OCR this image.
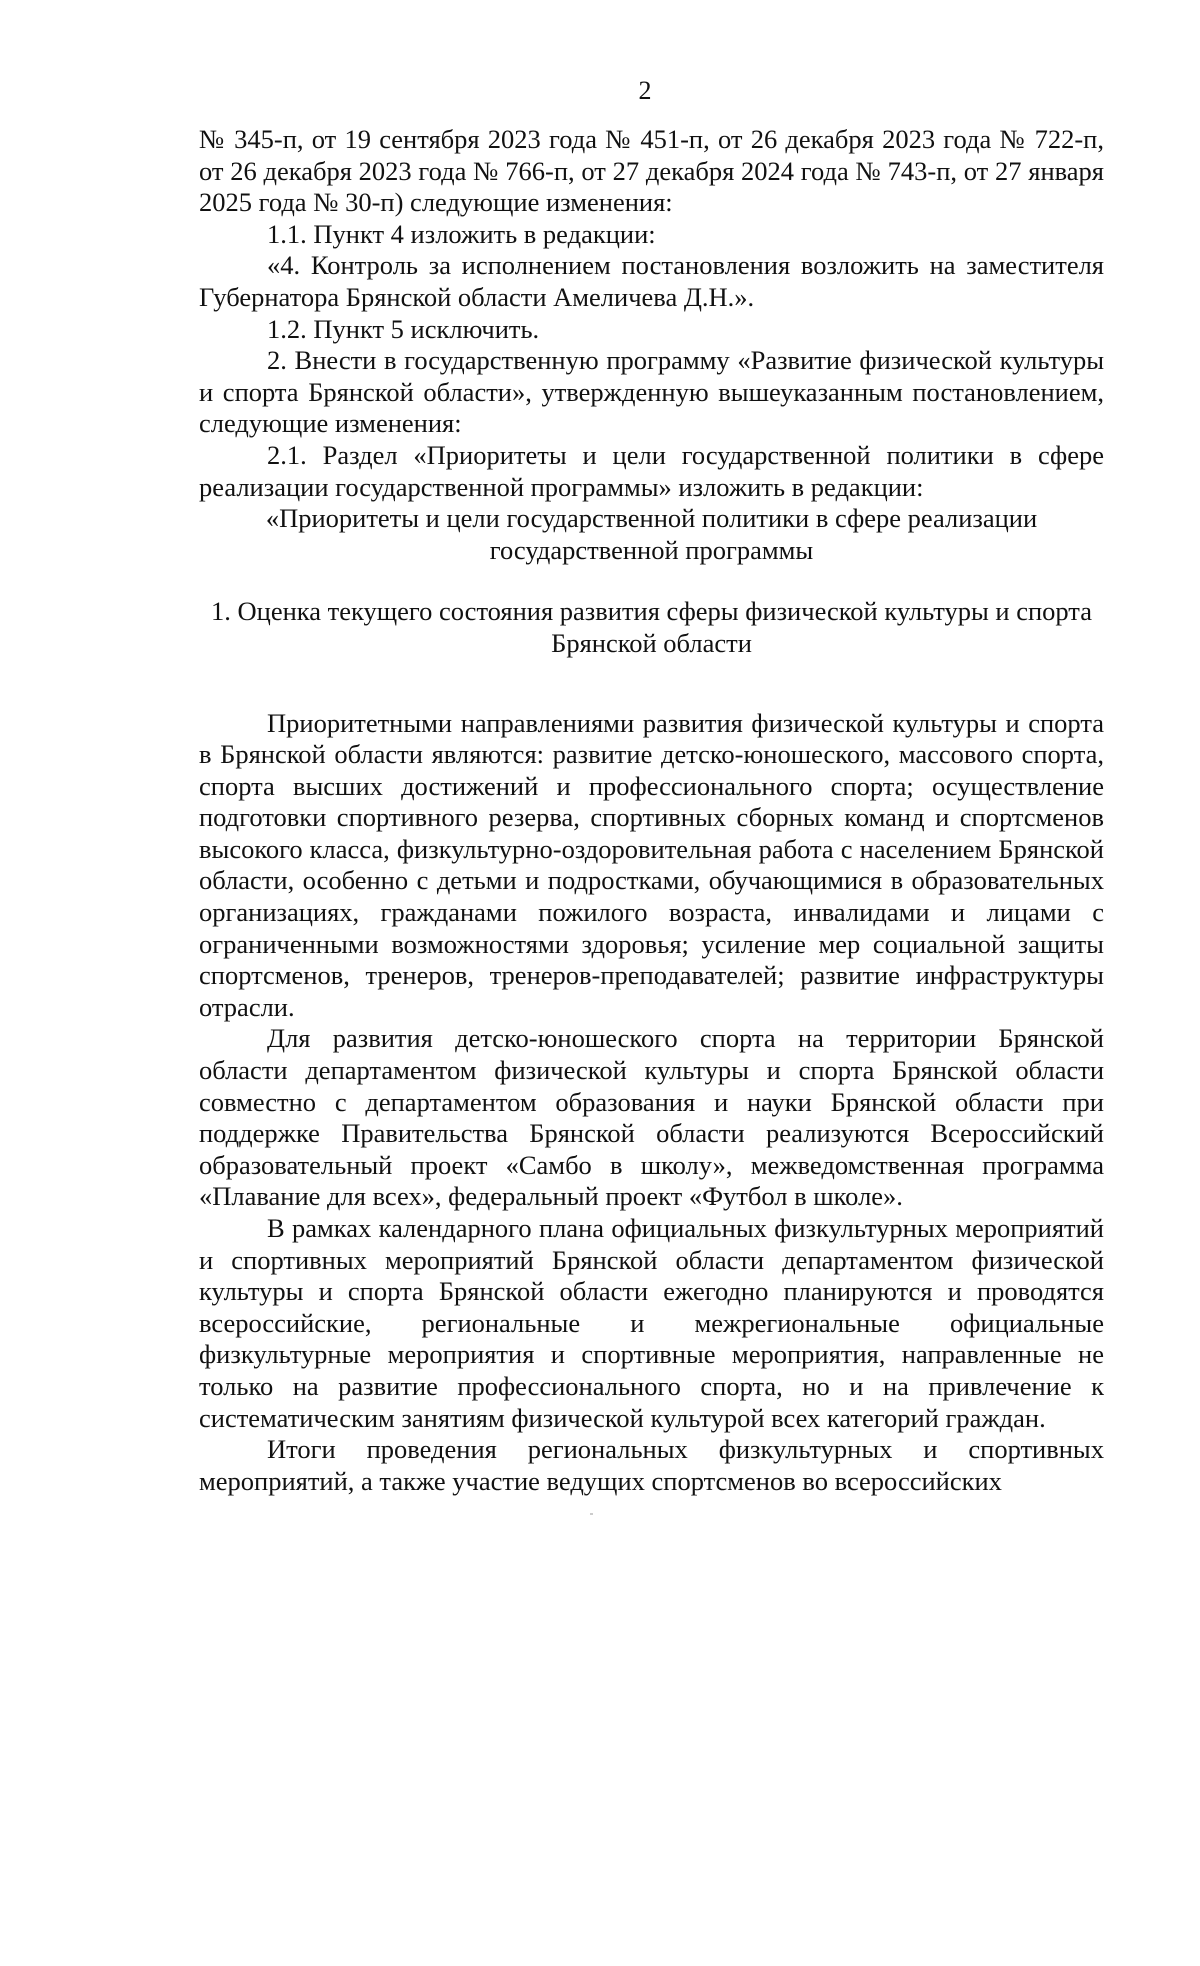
2

№ 345-п, от 19 сентября 2023 года № 451-п, от 26 декабря 2023 года № 722-п, от 26 декабря 2023 года № 766-п, от 27 декабря 2024 года № 743-п, от 27 января 2025 года № 30-п) следующие изменения:

1.1. Пункт 4 изложить в редакции:

«4. Контроль за исполнением постановления возложить на заместителя Губернатора Брянской области Амеличева Д.Н.».

1.2. Пункт 5 исключить.

2. Внести в государственную программу «Развитие физической культуры и спорта Брянской области», утвержденную вышеуказанным постановлением, следующие изменения:

2.1. Раздел «Приоритеты и цели государственной политики в сфере реализации государственной программы» изложить в редакции:

«Приоритеты и цели государственной политики в сфере реализации государственной программы

1. Оценка текущего состояния развития сферы физической культуры и спорта Брянской области

Приоритетными направлениями развития физической культуры и спорта в Брянской области являются: развитие детско-юношеского, массового спорта, спорта высших достижений и профессионального спорта; осуществление подготовки спортивного резерва, спортивных сборных команд и спортсменов высокого класса, физкультурно-оздоровительная работа с населением Брянской области, особенно с детьми и подростками, обучающимися в образовательных организациях, гражданами пожилого возраста, инвалидами и лицами с ограниченными возможностями здоровья; усиление мер социальной защиты спортсменов, тренеров, тренеров-преподавателей; развитие инфраструктуры отрасли.

Для развития детско-юношеского спорта на территории Брянской области департаментом физической культуры и спорта Брянской области совместно с департаментом образования и науки Брянской области при поддержке Правительства Брянской области реализуются Всероссийский образовательный проект «Самбо в школу», межведомственная программа «Плавание для всех», федеральный проект «Футбол в школе».

В рамках календарного плана официальных физкультурных мероприятий и спортивных мероприятий Брянской области департаментом физической культуры и спорта Брянской области ежегодно планируются и проводятся всероссийские, региональные и межрегиональные официальные физкультурные мероприятия и спортивные мероприятия, направленные не только на развитие профессионального спорта, но и на привлечение к систематическим занятиям физической культурой всех категорий граждан.

Итоги проведения региональных физкультурных и спортивных мероприятий, а также участие ведущих спортсменов во всероссийских
